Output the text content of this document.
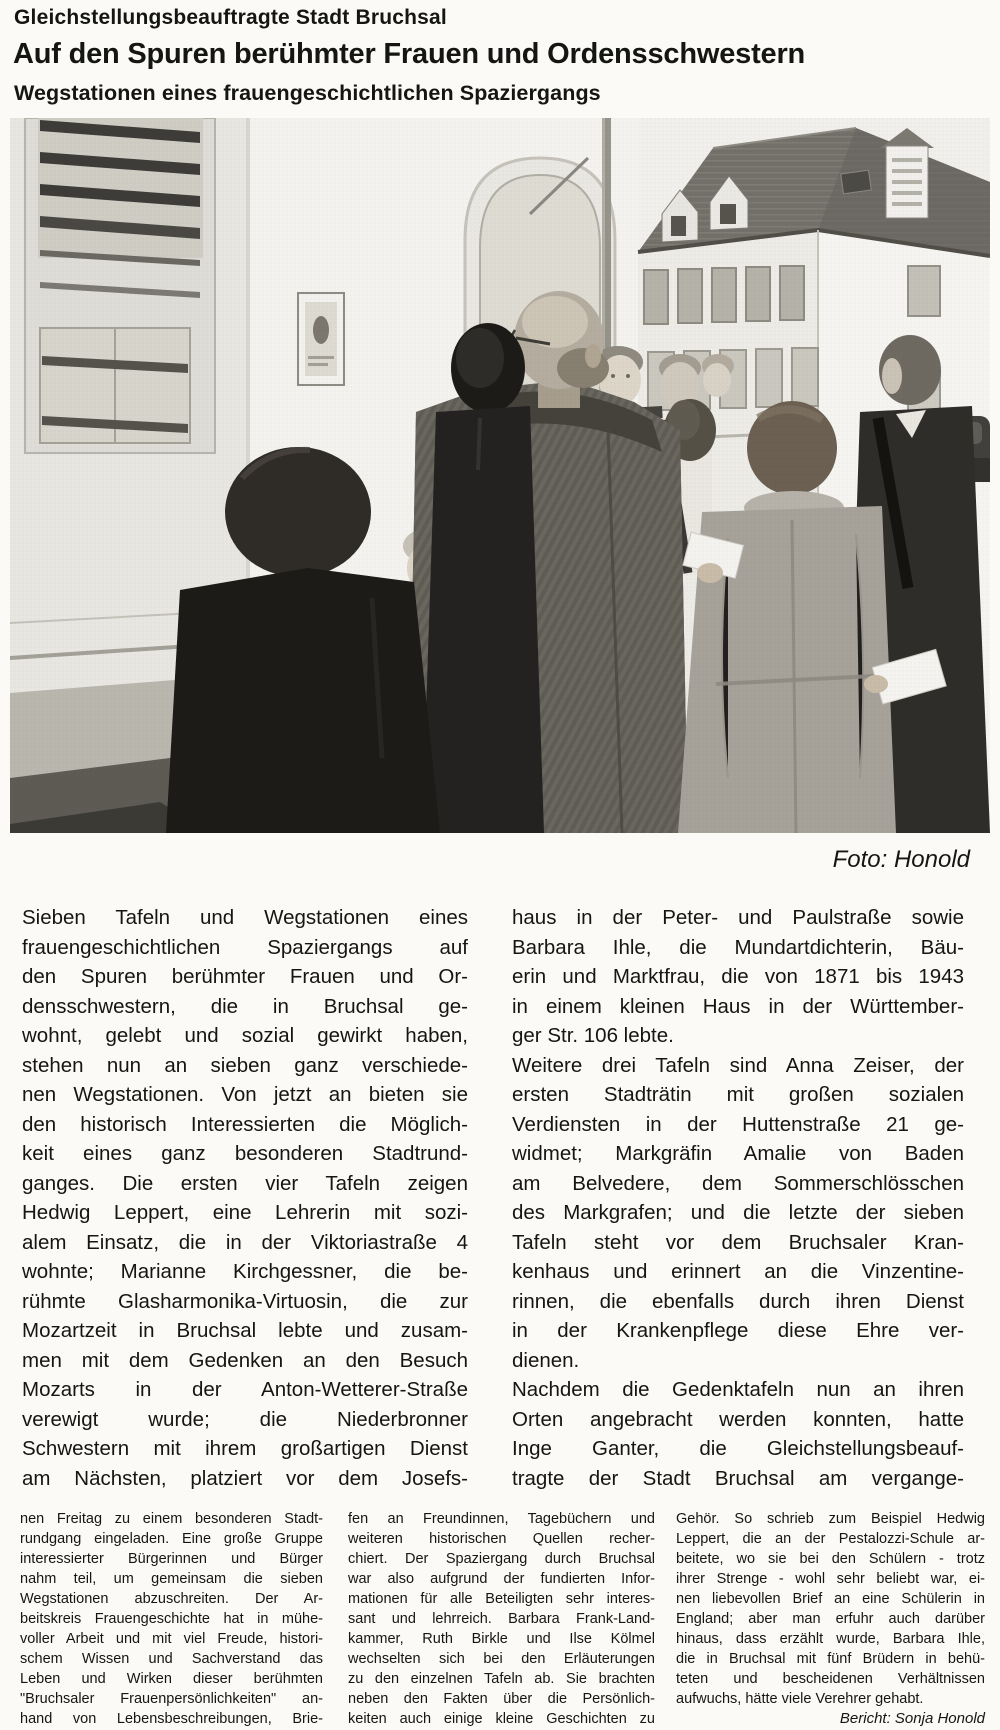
Gleichstellungsbeauftragte Stadt Bruchsal
Auf den Spuren berühmter Frauen und Ordensschwestern
Wegstationen eines frauengeschichtlichen Spaziergangs
Foto: Honold
Sieben Tafeln und Wegstationen eines
frauengeschichtlichen Spaziergangs auf
den Spuren berühmter Frauen und Or-
densschwestern, die in Bruchsal ge-
wohnt, gelebt und sozial gewirkt haben,
stehen nun an sieben ganz verschiede-
nen Wegstationen. Von jetzt an bieten sie
den historisch Interessierten die Möglich-
keit eines ganz besonderen Stadtrund-
ganges. Die ersten vier Tafeln zeigen
Hedwig Leppert, eine Lehrerin mit sozi-
alem Einsatz, die in der Viktoriastraße 4
wohnte; Marianne Kirchgessner, die be-
rühmte Glasharmonika-Virtuosin, die zur
Mozartzeit in Bruchsal lebte und zusam-
men mit dem Gedenken an den Besuch
Mozarts in der Anton-Wetterer-Straße
verewigt wurde; die Niederbronner
Schwestern mit ihrem großartigen Dienst
am Nächsten, platziert vor dem Josefs-
haus in der Peter- und Paulstraße sowie
Barbara Ihle, die Mundartdichterin, Bäu-
erin und Marktfrau, die von 1871 bis 1943
in einem kleinen Haus in der Württember-
ger Str. 106 lebte.
Weitere drei Tafeln sind Anna Zeiser, der
ersten Stadträtin mit großen sozialen
Verdiensten in der Huttenstraße 21 ge-
widmet; Markgräfin Amalie von Baden
am Belvedere, dem Sommerschlösschen
des Markgrafen; und die letzte der sieben
Tafeln steht vor dem Bruchsaler Kran-
kenhaus und erinnert an die Vinzentine-
rinnen, die ebenfalls durch ihren Dienst
in der Krankenpflege diese Ehre ver-
dienen.
Nachdem die Gedenktafeln nun an ihren
Orten angebracht werden konnten, hatte
Inge Ganter, die Gleichstellungsbeauf-
tragte der Stadt Bruchsal am vergange-
nen Freitag zu einem besonderen Stadt-
rundgang eingeladen. Eine große Gruppe
interessierter Bürgerinnen und Bürger
nahm teil, um gemeinsam die sieben
Wegstationen abzuschreiten. Der Ar-
beitskreis Frauengeschichte hat in mühe-
voller Arbeit und mit viel Freude, histori-
schem Wissen und Sachverstand das
Leben und Wirken dieser berühmten
"Bruchsaler Frauenpersönlichkeiten" an-
hand von Lebensbeschreibungen, Brie-
fen an Freundinnen, Tagebüchern und
weiteren historischen Quellen recher-
chiert. Der Spaziergang durch Bruchsal
war also aufgrund der fundierten Infor-
mationen für alle Beteiligten sehr interes-
sant und lehrreich. Barbara Frank-Land-
kammer, Ruth Birkle und Ilse Kölmel
wechselten sich bei den Erläuterungen
zu den einzelnen Tafeln ab. Sie brachten
neben den Fakten über die Persönlich-
keiten auch einige kleine Geschichten zu
Gehör. So schrieb zum Beispiel Hedwig
Leppert, die an der Pestalozzi-Schule ar-
beitete, wo sie bei den Schülern - trotz
ihrer Strenge - wohl sehr beliebt war, ei-
nen liebevollen Brief an eine Schülerin in
England; aber man erfuhr auch darüber
hinaus, dass erzählt wurde, Barbara Ihle,
die in Bruchsal mit fünf Brüdern in behü-
teten und bescheidenen Verhältnissen
aufwuchs, hätte viele Verehrer gehabt.
Bericht: Sonja Honold
